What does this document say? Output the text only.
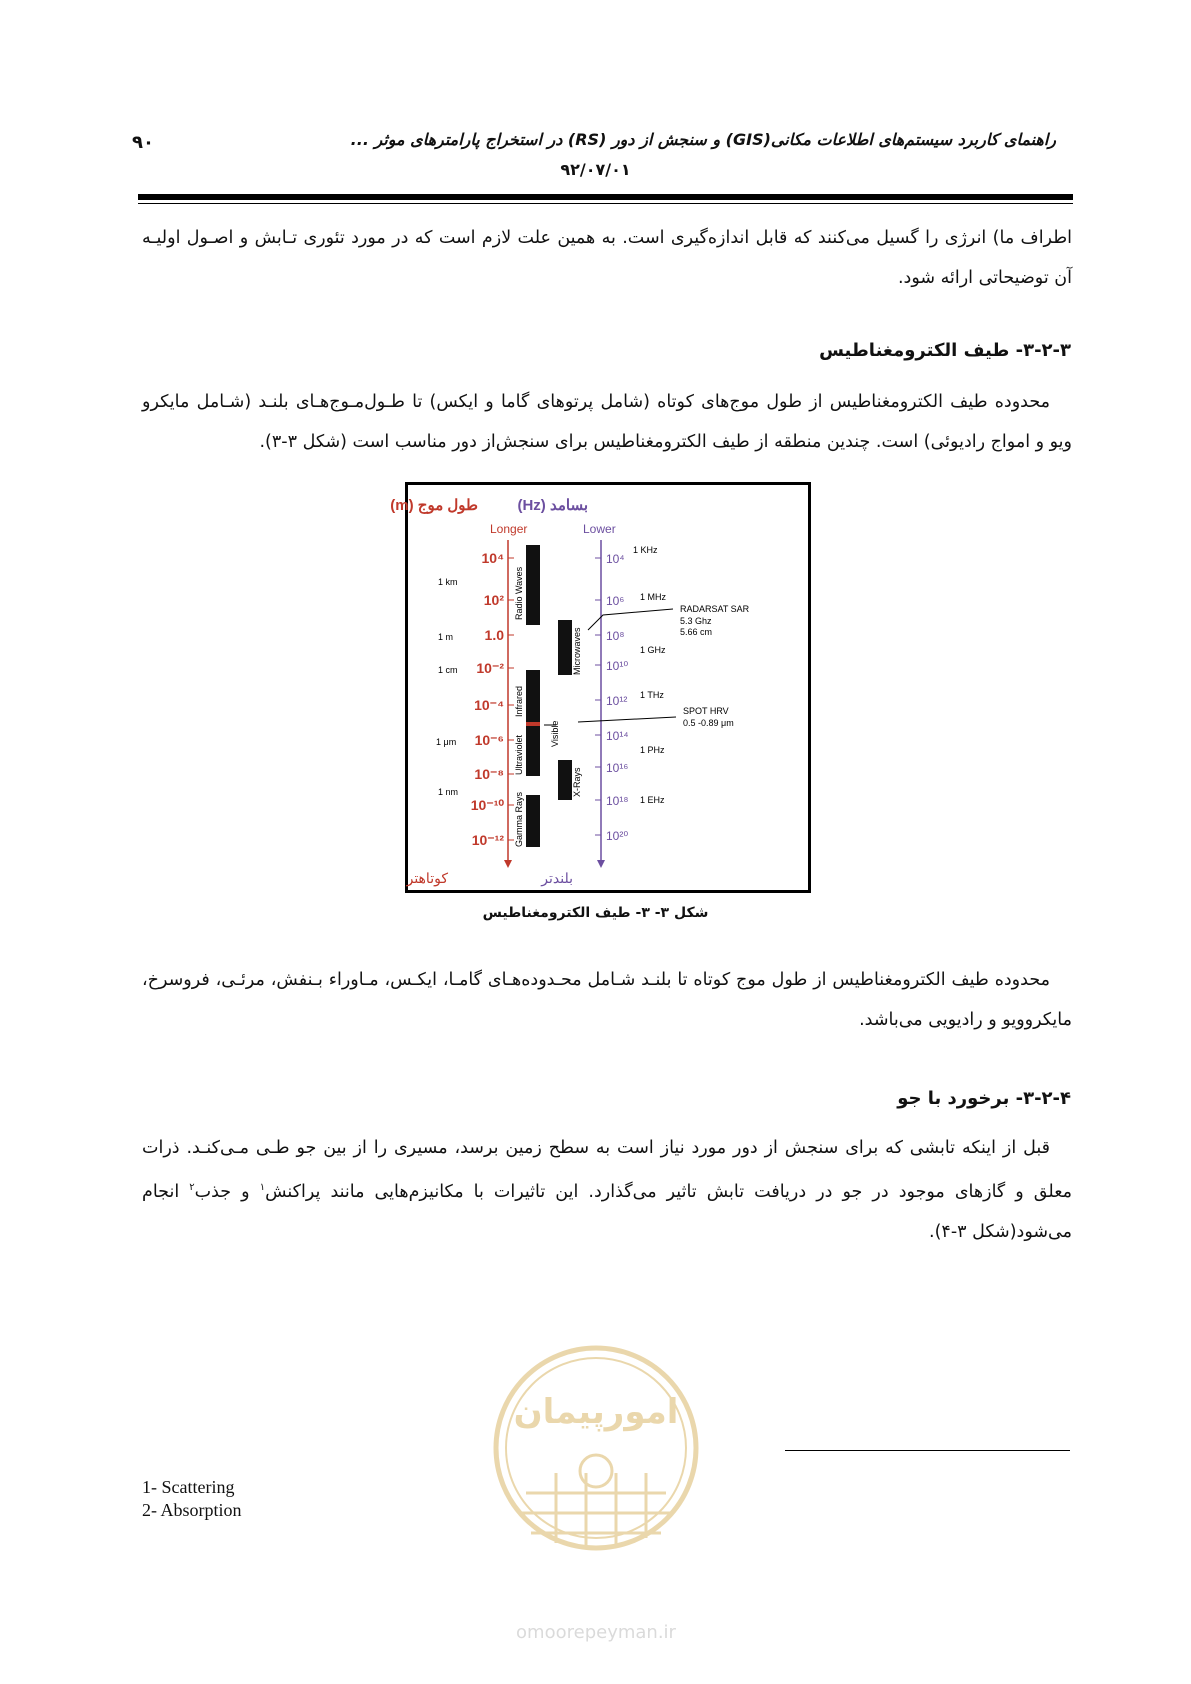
۹۰	راهنمای کاربرد سیستم‌های اطلاعات مکانی(GIS) و سنجش از دور (RS) در استخراج پارامترهای موثر ...
۹۲/۰۷/۰۱
اطراف ما) انرژی را گسیل می‌کنند که قابل اندازه‌گیری است. به همین علت لازم است که در مورد تئوری تـابش و اصـول اولیـه آن توضیحاتی ارائه شود.
۳-۲-۳- طیف الکترومغناطیس
محدوده طیف الکترومغناطیس از طول موج‌های کوتاه (شامل پرتوهای گاما و ایکس) تا طـول‌مـوج‌هـای بلنـد (شـامل مایکرو ویو و امواج رادیوئی) است. چندین منطقه از طیف الکترومغناطیس برای سنجش‌از دور مناسب است (شکل ۳-۳).
طول موج (m)	بسامد (Hz)
Longer	Lower
10⁴
10²
1.0
10⁻²
10⁻⁴
10⁻⁶
10⁻⁸
10⁻¹⁰
10⁻¹²
1 km
1 m
1 cm
1 μm
1 nm
10⁴
10⁶
10⁸
10¹⁰
10¹²
10¹⁴
10¹⁶
10¹⁸
10²⁰
1 KHz
1 MHz
1 GHz
1 THz
1 PHz
1 EHz
Radio Waves
Microwaves
Infrared
Visible
Ultraviolet
X-Rays
Gamma Rays
RADARSAT SAR
5.3 Ghz
5.66 cm
SPOT HRV
0.5 -0.89 μm
کوتاهتر	بلندتر
شکل ۳- ۳- طیف الکترومغناطیس
محدوده طیف الکترومغناطیس از طول موج کوتاه تا بلنـد شـامل محـدوده‌هـای گامـا، ایکـس، مـاوراء بـنفش، مرئـی، فروسرخ، مایکروویو و رادیویی می‌باشد.
۳-۲-۴- برخورد با جو
قبل از اینکه تابشی که برای سنجش از دور مورد نیاز است به سطح زمین برسد، مسیری را از بین جو طـی مـی‌کنـد. ذرات معلق و گازهای موجود در جو در دریافت تابش تاثیر می‌گذارد. این تاثیرات با مکانیزم‌هایی مانند پراکنش$^۱$ و جذب$^۲$ انجام می‌شود(شکل ۳-۴).
امورپیمان
omoorepeyman.ir
1- Scattering
2- Absorption
